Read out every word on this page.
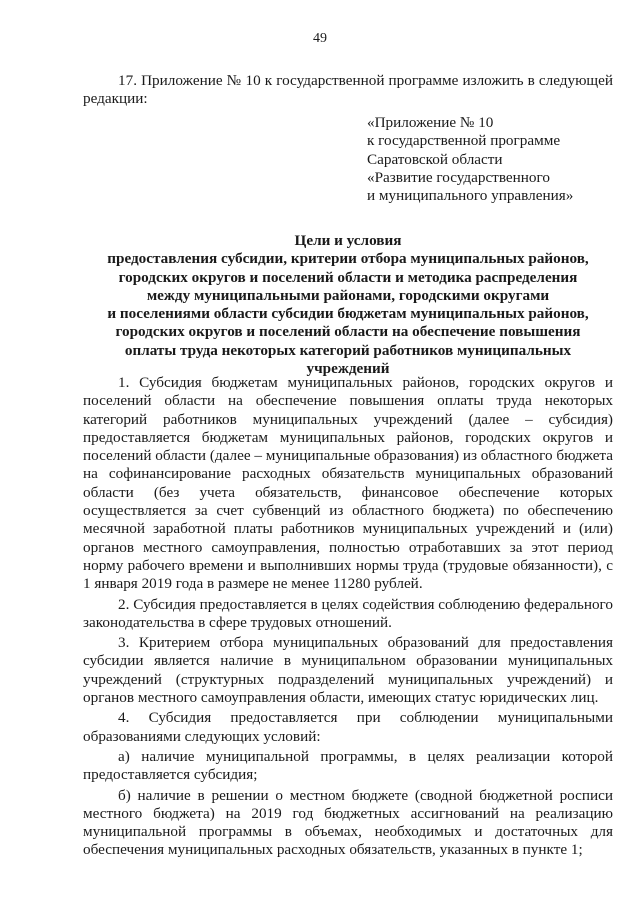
49
17. Приложение № 10 к государственной программе изложить в следующей редакции:
«Приложение № 10
к государственной программе
Саратовской области
«Развитие государственного
и муниципального управления»
Цели и условия
предоставления субсидии, критерии отбора муниципальных районов,
городских округов и поселений области и методика распределения
между муниципальными районами, городскими округами
и поселениями области субсидии бюджетам муниципальных районов,
городских округов и поселений области на обеспечение повышения
оплаты труда некоторых категорий работников муниципальных
учреждений

1. Субсидия бюджетам муниципальных районов, городских округов и поселений области на обеспечение повышения оплаты труда некоторых категорий работников муниципальных учреждений (далее – субсидия) предоставляется бюджетам муниципальных районов, городских округов и поселений области (далее – муниципальные образования) из областного бюджета на софинансирование расходных обязательств муниципальных образований области (без учета обязательств, финансовое обеспечение которых осуществляется за счет субвенций из областного бюджета) по обеспечению месячной заработной платы работников муниципальных учреждений и (или) органов местного самоуправления, полностью отработавших за этот период норму рабочего времени и выполнивших нормы труда (трудовые обязанности), с 1 января 2019 года в размере не менее 11280 рублей.

2. Субсидия предоставляется в целях содействия соблюдению федерального законодательства в сфере трудовых отношений.

3. Критерием отбора муниципальных образований для предоставления субсидии является наличие в муниципальном образовании муниципальных учреждений (структурных подразделений муниципальных учреждений) и органов местного самоуправления области, имеющих статус юридических лиц.

4. Субсидия предоставляется при соблюдении муниципальными образованиями следующих условий:

а) наличие муниципальной программы, в целях реализации которой предоставляется субсидия;

б) наличие в решении о местном бюджете (сводной бюджетной росписи местного бюджета) на 2019 год бюджетных ассигнований на реализацию муниципальной программы в объемах, необходимых и достаточных для обеспечения муниципальных расходных обязательств, указанных в пункте 1;
